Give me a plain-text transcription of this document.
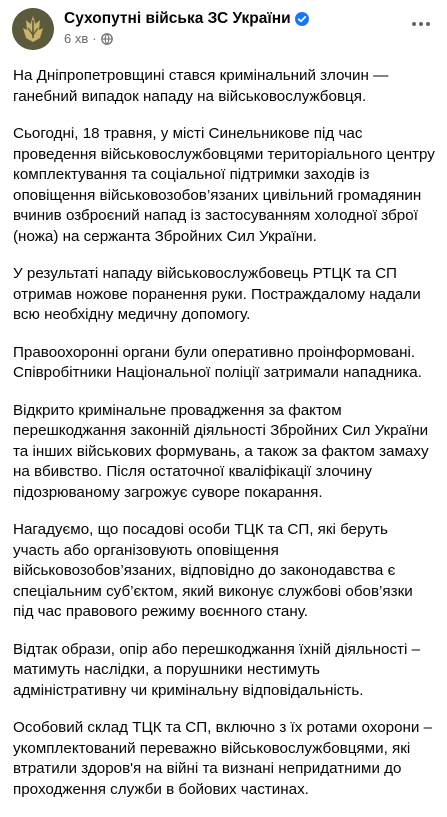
Сухопутні війська ЗС України
6 хв ·

На Дніпропетровщині стався кримінальний злочин — ганебний випадок нападу на військовослужбовця.

Сьогодні, 18 травня, у місті Синельникове під час проведення військовослужбовцями територіального центру комплектування та соціальної підтримки заходів із оповіщення військовозобов’язаних цивільний громадянин вчинив озброєний напад із застосуванням холодної зброї (ножа) на сержанта Збройних Сил України.

У результаті нападу військовослужбовець РТЦК та СП отримав ножове поранення руки. Постраждалому надали всю необхідну медичну допомогу.

Правоохоронні органи були оперативно проінформовані. Співробітники Національної поліції затримали нападника.

Відкрито кримінальне провадження за фактом перешкоджання законній діяльності Збройних Сил України та інших військових формувань, а також за фактом замаху на вбивство. Після остаточної кваліфікації злочину підозрюваному загрожує суворе покарання.

Нагадуємо, що посадові особи ТЦК та СП, які беруть участь або організовують оповіщення військовозобов’язаних, відповідно до законодавства є спеціальним суб’єктом, який виконує службові обов’язки під час правового режиму воєнного стану.

Відтак образи, опір або перешкоджання їхній діяльності – матимуть наслідки, а порушники нестимуть адміністративну чи кримінальну відповідальність.

Особовий склад ТЦК та СП, включно з їх ротами охорони – укомплектований переважно військовослужбовцями, які втратили здоров'я на війні та визнані непридатними до проходження служби в бойових частинах.
